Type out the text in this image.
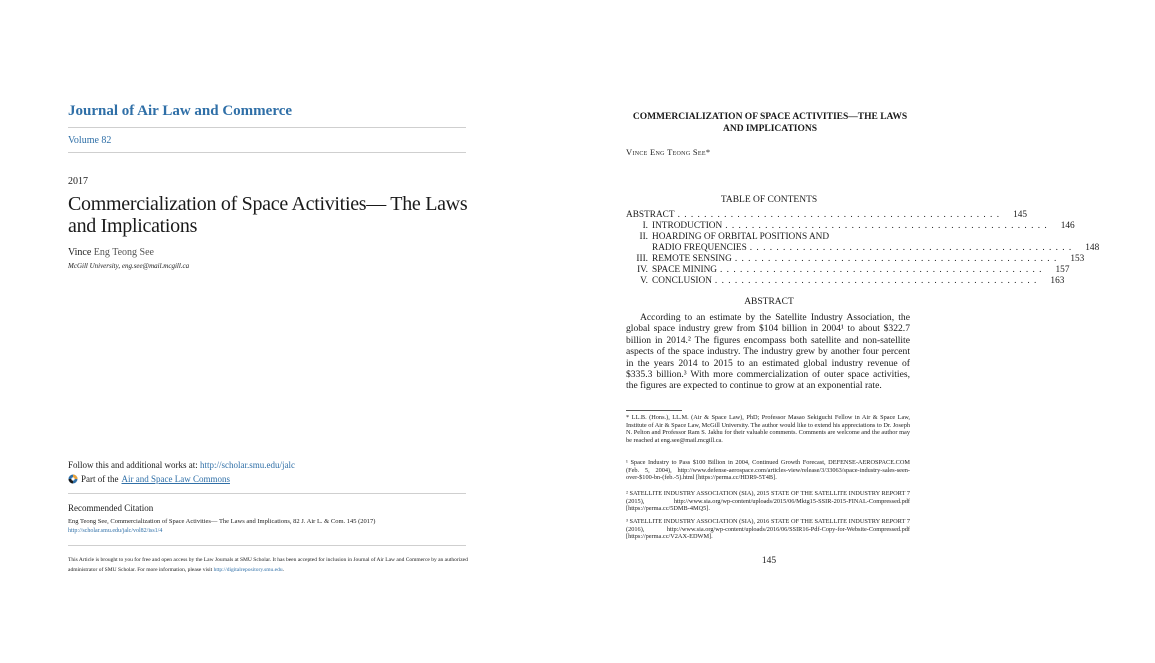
Journal of Air Law and Commerce
Volume 82
2017
Commercialization of Space Activities— The Laws and Implications
Vince Eng Teong See
McGill University, eng.see@mail.mcgill.ca
Follow this and additional works at: http://scholar.smu.edu/jalc
Part of the Air and Space Law Commons
Recommended Citation
Eng Teong See, Commercialization of Space Activities— The Laws and Implications, 82 J. Air L. & Com. 145 (2017)
http://scholar.smu.edu/jalc/vol82/iss1/4
This Article is brought to you for free and open access by the Law Journals at SMU Scholar. It has been accepted for inclusion in Journal of Air Law and Commerce by an authorized administrator of SMU Scholar. For more information, please visit http://digitalrepository.smu.edu.
COMMERCIALIZATION OF SPACE ACTIVITIES—THE LAWS AND IMPLICATIONS
Vince Eng Teong See*
TABLE OF CONTENTS
ABSTRACT . . . . . . . . . . . . . . . . . . . . . . . . . . . . . . . . . . . . . . . . . . . . . . . . .	145
I. INTRODUCTION . . . . . . . . . . . . . . . . . . . . . . . . . . . . . . . . . . . . . . . . . . . . . . . . .	146
II. HOARDING OF ORBITAL POSITIONS AND
RADIO FREQUENCIES . . . . . . . . . . . . . . . . . . . . . . . . . . . . . . . . . . . . . . . . . . . . . . . . .	148
III. REMOTE SENSING . . . . . . . . . . . . . . . . . . . . . . . . . . . . . . . . . . . . . . . . . . . . . . . . .	153
IV. SPACE MINING . . . . . . . . . . . . . . . . . . . . . . . . . . . . . . . . . . . . . . . . . . . . . . . . .	157
V. CONCLUSION . . . . . . . . . . . . . . . . . . . . . . . . . . . . . . . . . . . . . . . . . . . . . . . . .	163
ABSTRACT
According to an estimate by the Satellite Industry Association, the global space industry grew from $104 billion in 2004¹ to about $322.7 billion in 2014.² The figures encompass both satellite and non-satellite aspects of the space industry. The industry grew by another four percent in the years 2014 to 2015 to an estimated global industry revenue of $335.3 billion.³ With more commercialization of outer space activities, the figures are expected to continue to grow at an exponential rate.
* LL.B. (Hons.), LL.M. (Air & Space Law), PhD; Professor Masao Sekiguchi Fellow in Air & Space Law, Institute of Air & Space Law, McGill University. The author would like to extend his appreciations to Dr. Joseph N. Pelton and Professor Ram S. Jakhu for their valuable comments. Comments are welcome and the author may be reached at eng.see@mail.mcgill.ca.
¹ Space Industry to Pass $100 Billion in 2004, Continued Growth Forecast, DEFENSE-AEROSPACE.COM (Feb. 5, 2004), http://www.defense-aerospace.com/articles-view/release/3/33063/space-industry-sales-seen-over-$100-bn-(feb.-5).html [https://perma.cc/HDR9-5T4B].
² SATELLITE INDUSTRY ASSOCIATION (SIA), 2015 STATE OF THE SATELLITE INDUSTRY REPORT 7 (2015), http://www.sia.org/wp-content/uploads/2015/06/Mktg15-SSIR-2015-FINAL-Compressed.pdf [https://perma.cc/5DMB-4MQ5].
³ SATELLITE INDUSTRY ASSOCIATION (SIA), 2016 STATE OF THE SATELLITE INDUSTRY REPORT 7 (2016), http://www.sia.org/wp-content/uploads/2016/06/SSIR16-Pdf-Copy-for-Website-Compressed.pdf [https://perma.cc/V2AX-EDWM].
145
